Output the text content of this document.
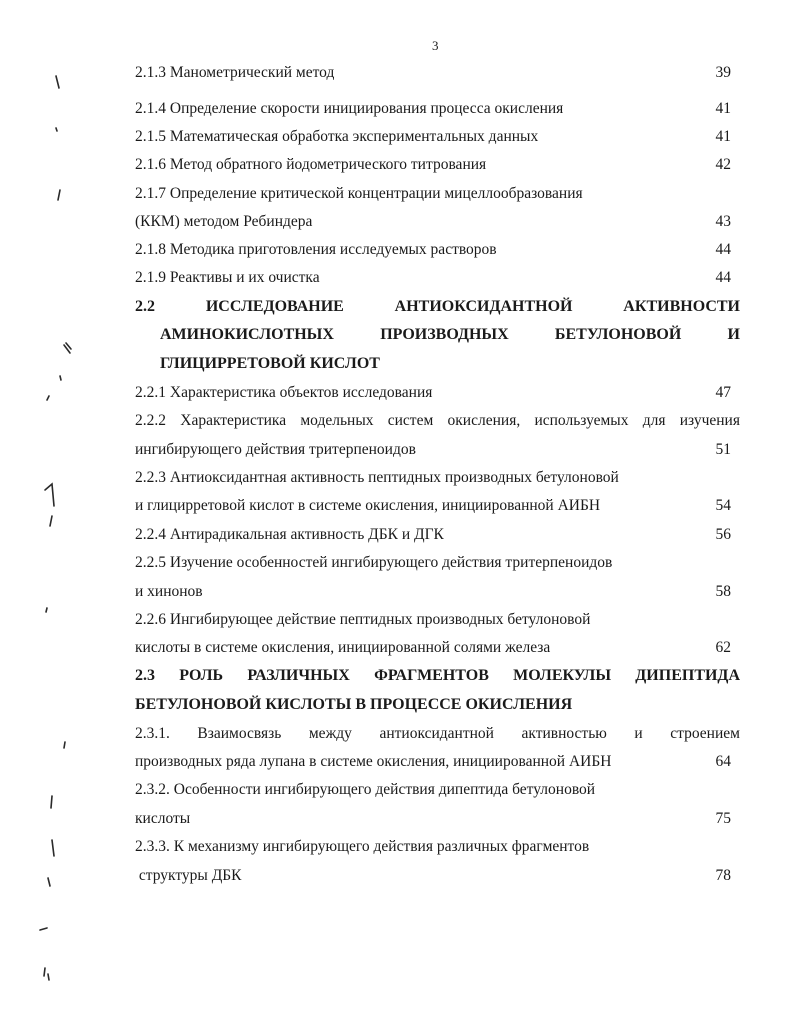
3
2.1.3 Манометрический метод	39
2.1.4 Определение скорости инициирования процесса окисления	41
2.1.5 Математическая обработка экспериментальных данных	41
2.1.6 Метод обратного йодометрического титрования	42
2.1.7 Определение критической концентрации мицеллообразования
(ККМ) методом Ребиндера	43
2.1.8 Методика приготовления исследуемых растворов	44
2.1.9 Реактивы и их очистка	44
2.2	ИССЛЕДОВАНИЕ	АНТИОКСИДАНТНОЙ	АКТИВНОСТИ
АМИНОКИСЛОТНЫХ	ПРОИЗВОДНЫХ	БЕТУЛОНОВОЙ	И
ГЛИЦИРРЕТОВОЙ КИСЛОТ
2.2.1 Характеристика объектов исследования	47
2.2.2 Характеристика модельных систем окисления, используемых для изучения
ингибирующего действия тритерпеноидов	51
2.2.3 Антиоксидантная активность пептидных производных бетулоновой
и глицирретовой кислот в системе окисления, инициированной АИБН	54
2.2.4 Антирадикальная активность ДБК и ДГК	56
2.2.5 Изучение особенностей ингибирующего действия тритерпеноидов
и хинонов	58
2.2.6 Ингибирующее действие пептидных производных бетулоновой
кислоты в системе окисления, инициированной солями железа	62
2.3 РОЛЬ РАЗЛИЧНЫХ ФРАГМЕНТОВ МОЛЕКУЛЫ ДИПЕПТИДА
БЕТУЛОНОВОЙ КИСЛОТЫ В ПРОЦЕССЕ ОКИСЛЕНИЯ
2.3.1. Взаимосвязь между антиоксидантной активностью и строением
производных ряда лупана в системе окисления, инициированной АИБН	64
2.3.2. Особенности ингибирующего действия дипептида бетулоновой
кислоты	75
2.3.3. К механизму ингибирующего действия различных фрагментов
структуры ДБК	78
